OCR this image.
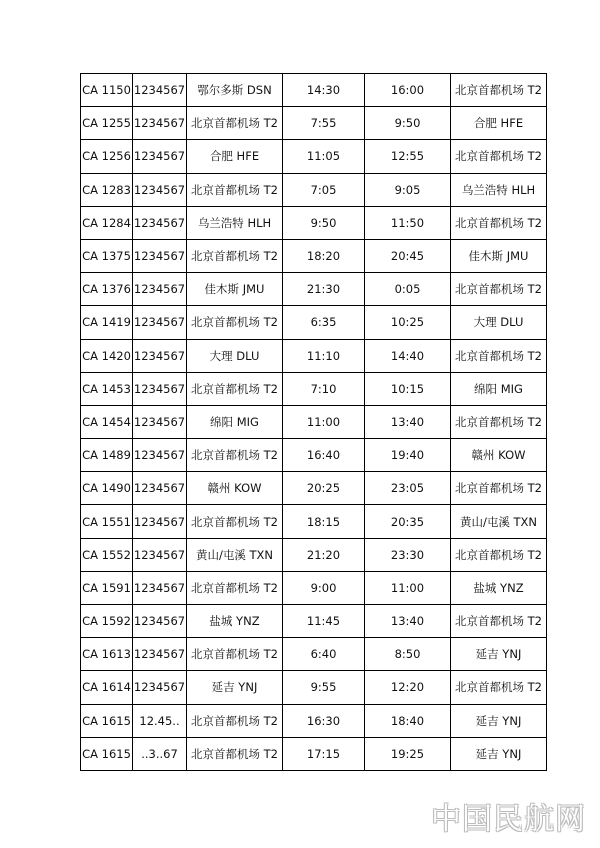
CA 1150	1234567	鄂尔多斯 DSN	14:30	16:00	北京首都机场 T2
CA 1255	1234567	北京首都机场 T2	7:55	9:50	合肥 HFE
CA 1256	1234567	合肥 HFE	11:05	12:55	北京首都机场 T2
CA 1283	1234567	北京首都机场 T2	7:05	9:05	乌兰浩特 HLH
CA 1284	1234567	乌兰浩特 HLH	9:50	11:50	北京首都机场 T2
CA 1375	1234567	北京首都机场 T2	18:20	20:45	佳木斯 JMU
CA 1376	1234567	佳木斯 JMU	21:30	0:05	北京首都机场 T2
CA 1419	1234567	北京首都机场 T2	6:35	10:25	大理 DLU
CA 1420	1234567	大理 DLU	11:10	14:40	北京首都机场 T2
CA 1453	1234567	北京首都机场 T2	7:10	10:15	绵阳 MIG
CA 1454	1234567	绵阳 MIG	11:00	13:40	北京首都机场 T2
CA 1489	1234567	北京首都机场 T2	16:40	19:40	赣州 KOW
CA 1490	1234567	赣州 KOW	20:25	23:05	北京首都机场 T2
CA 1551	1234567	北京首都机场 T2	18:15	20:35	黄山/屯溪 TXN
CA 1552	1234567	黄山/屯溪 TXN	21:20	23:30	北京首都机场 T2
CA 1591	1234567	北京首都机场 T2	9:00	11:00	盐城 YNZ
CA 1592	1234567	盐城 YNZ	11:45	13:40	北京首都机场 T2
CA 1613	1234567	北京首都机场 T2	6:40	8:50	延吉 YNJ
CA 1614	1234567	延吉 YNJ	9:55	12:20	北京首都机场 T2
CA 1615	12.45..	北京首都机场 T2	16:30	18:40	延吉 YNJ
CA 1615	..3..67	北京首都机场 T2	17:15	19:25	延吉 YNJ
中国民航网
